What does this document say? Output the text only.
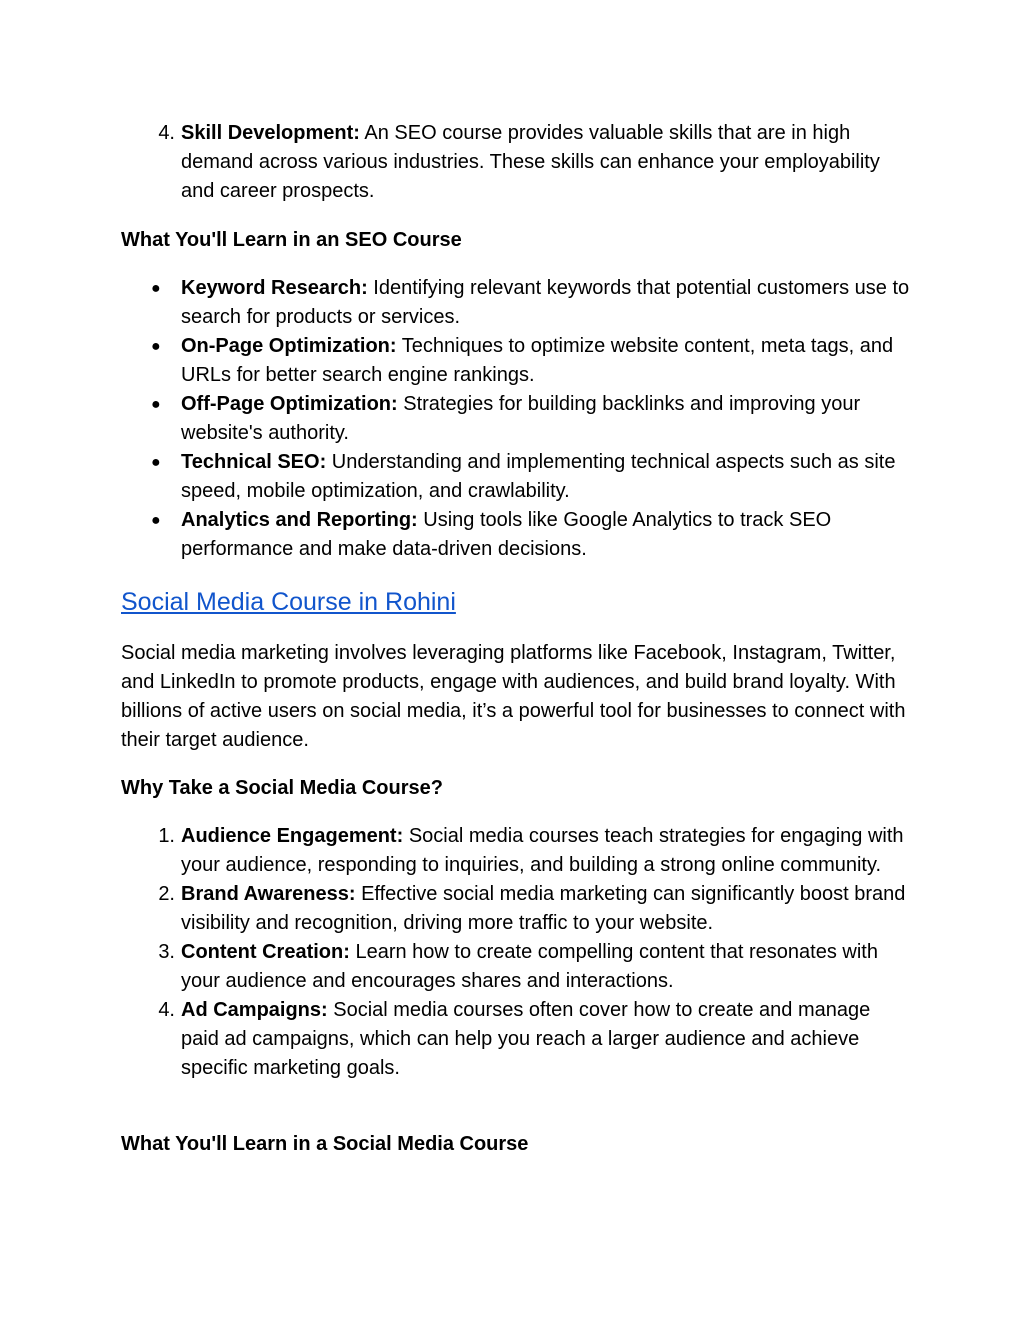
4. Skill Development: An SEO course provides valuable skills that are in high demand across various industries. These skills can enhance your employability and career prospects.
What You'll Learn in an SEO Course
●	Keyword Research: Identifying relevant keywords that potential customers use to search for products or services.
●	On-Page Optimization: Techniques to optimize website content, meta tags, and URLs for better search engine rankings.
●	Off-Page Optimization: Strategies for building backlinks and improving your website's authority.
●	Technical SEO: Understanding and implementing technical aspects such as site speed, mobile optimization, and crawlability.
●	Analytics and Reporting: Using tools like Google Analytics to track SEO performance and make data-driven decisions.
Social Media Course in Rohini
Social media marketing involves leveraging platforms like Facebook, Instagram, Twitter, and LinkedIn to promote products, engage with audiences, and build brand loyalty. With billions of active users on social media, it’s a powerful tool for businesses to connect with their target audience.
Why Take a Social Media Course?
1. Audience Engagement: Social media courses teach strategies for engaging with your audience, responding to inquiries, and building a strong online community.
2. Brand Awareness: Effective social media marketing can significantly boost brand visibility and recognition, driving more traffic to your website.
3. Content Creation: Learn how to create compelling content that resonates with your audience and encourages shares and interactions.
4. Ad Campaigns: Social media courses often cover how to create and manage paid ad campaigns, which can help you reach a larger audience and achieve specific marketing goals.
What You'll Learn in a Social Media Course
